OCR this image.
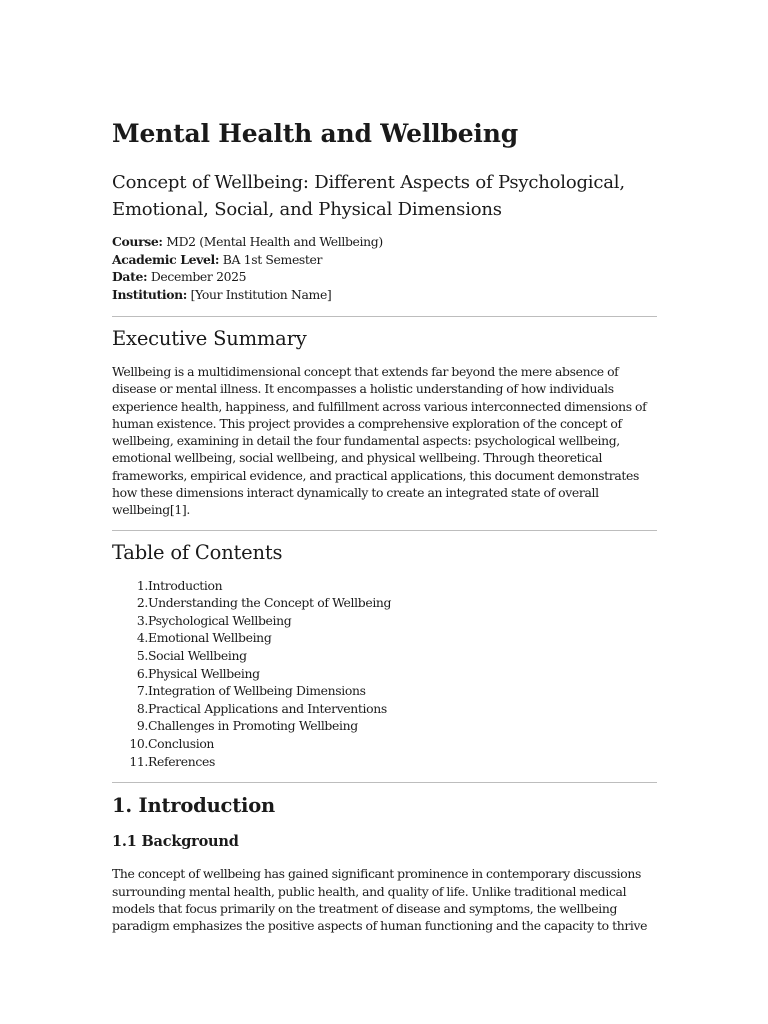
Mental Health and Wellbeing
Concept of Wellbeing: Different Aspects of Psychological, Emotional, Social, and Physical Dimensions
Course: MD2 (Mental Health and Wellbeing)
Academic Level: BA 1st Semester
Date: December 2025
Institution: [Your Institution Name]
Executive Summary

Wellbeing is a multidimensional concept that extends far beyond the mere absence of disease or mental illness. It encompasses a holistic understanding of how individuals experience health, happiness, and fulfillment across various interconnected dimensions of human existence. This project provides a comprehensive exploration of the concept of wellbeing, examining in detail the four fundamental aspects: psychological wellbeing, emotional wellbeing, social wellbeing, and physical wellbeing. Through theoretical frameworks, empirical evidence, and practical applications, this document demonstrates how these dimensions interact dynamically to create an integrated state of overall wellbeing[1].

Table of Contents
1. Introduction
2. Understanding the Concept of Wellbeing
3. Psychological Wellbeing
4. Emotional Wellbeing
5. Social Wellbeing
6. Physical Wellbeing
7. Integration of Wellbeing Dimensions
8. Practical Applications and Interventions
9. Challenges in Promoting Wellbeing
10. Conclusion
11. References
1. Introduction
1.1 Background

The concept of wellbeing has gained significant prominence in contemporary discussions surrounding mental health, public health, and quality of life. Unlike traditional medical models that focus primarily on the treatment of disease and symptoms, the wellbeing paradigm emphasizes the positive aspects of human functioning and the capacity to thrive
